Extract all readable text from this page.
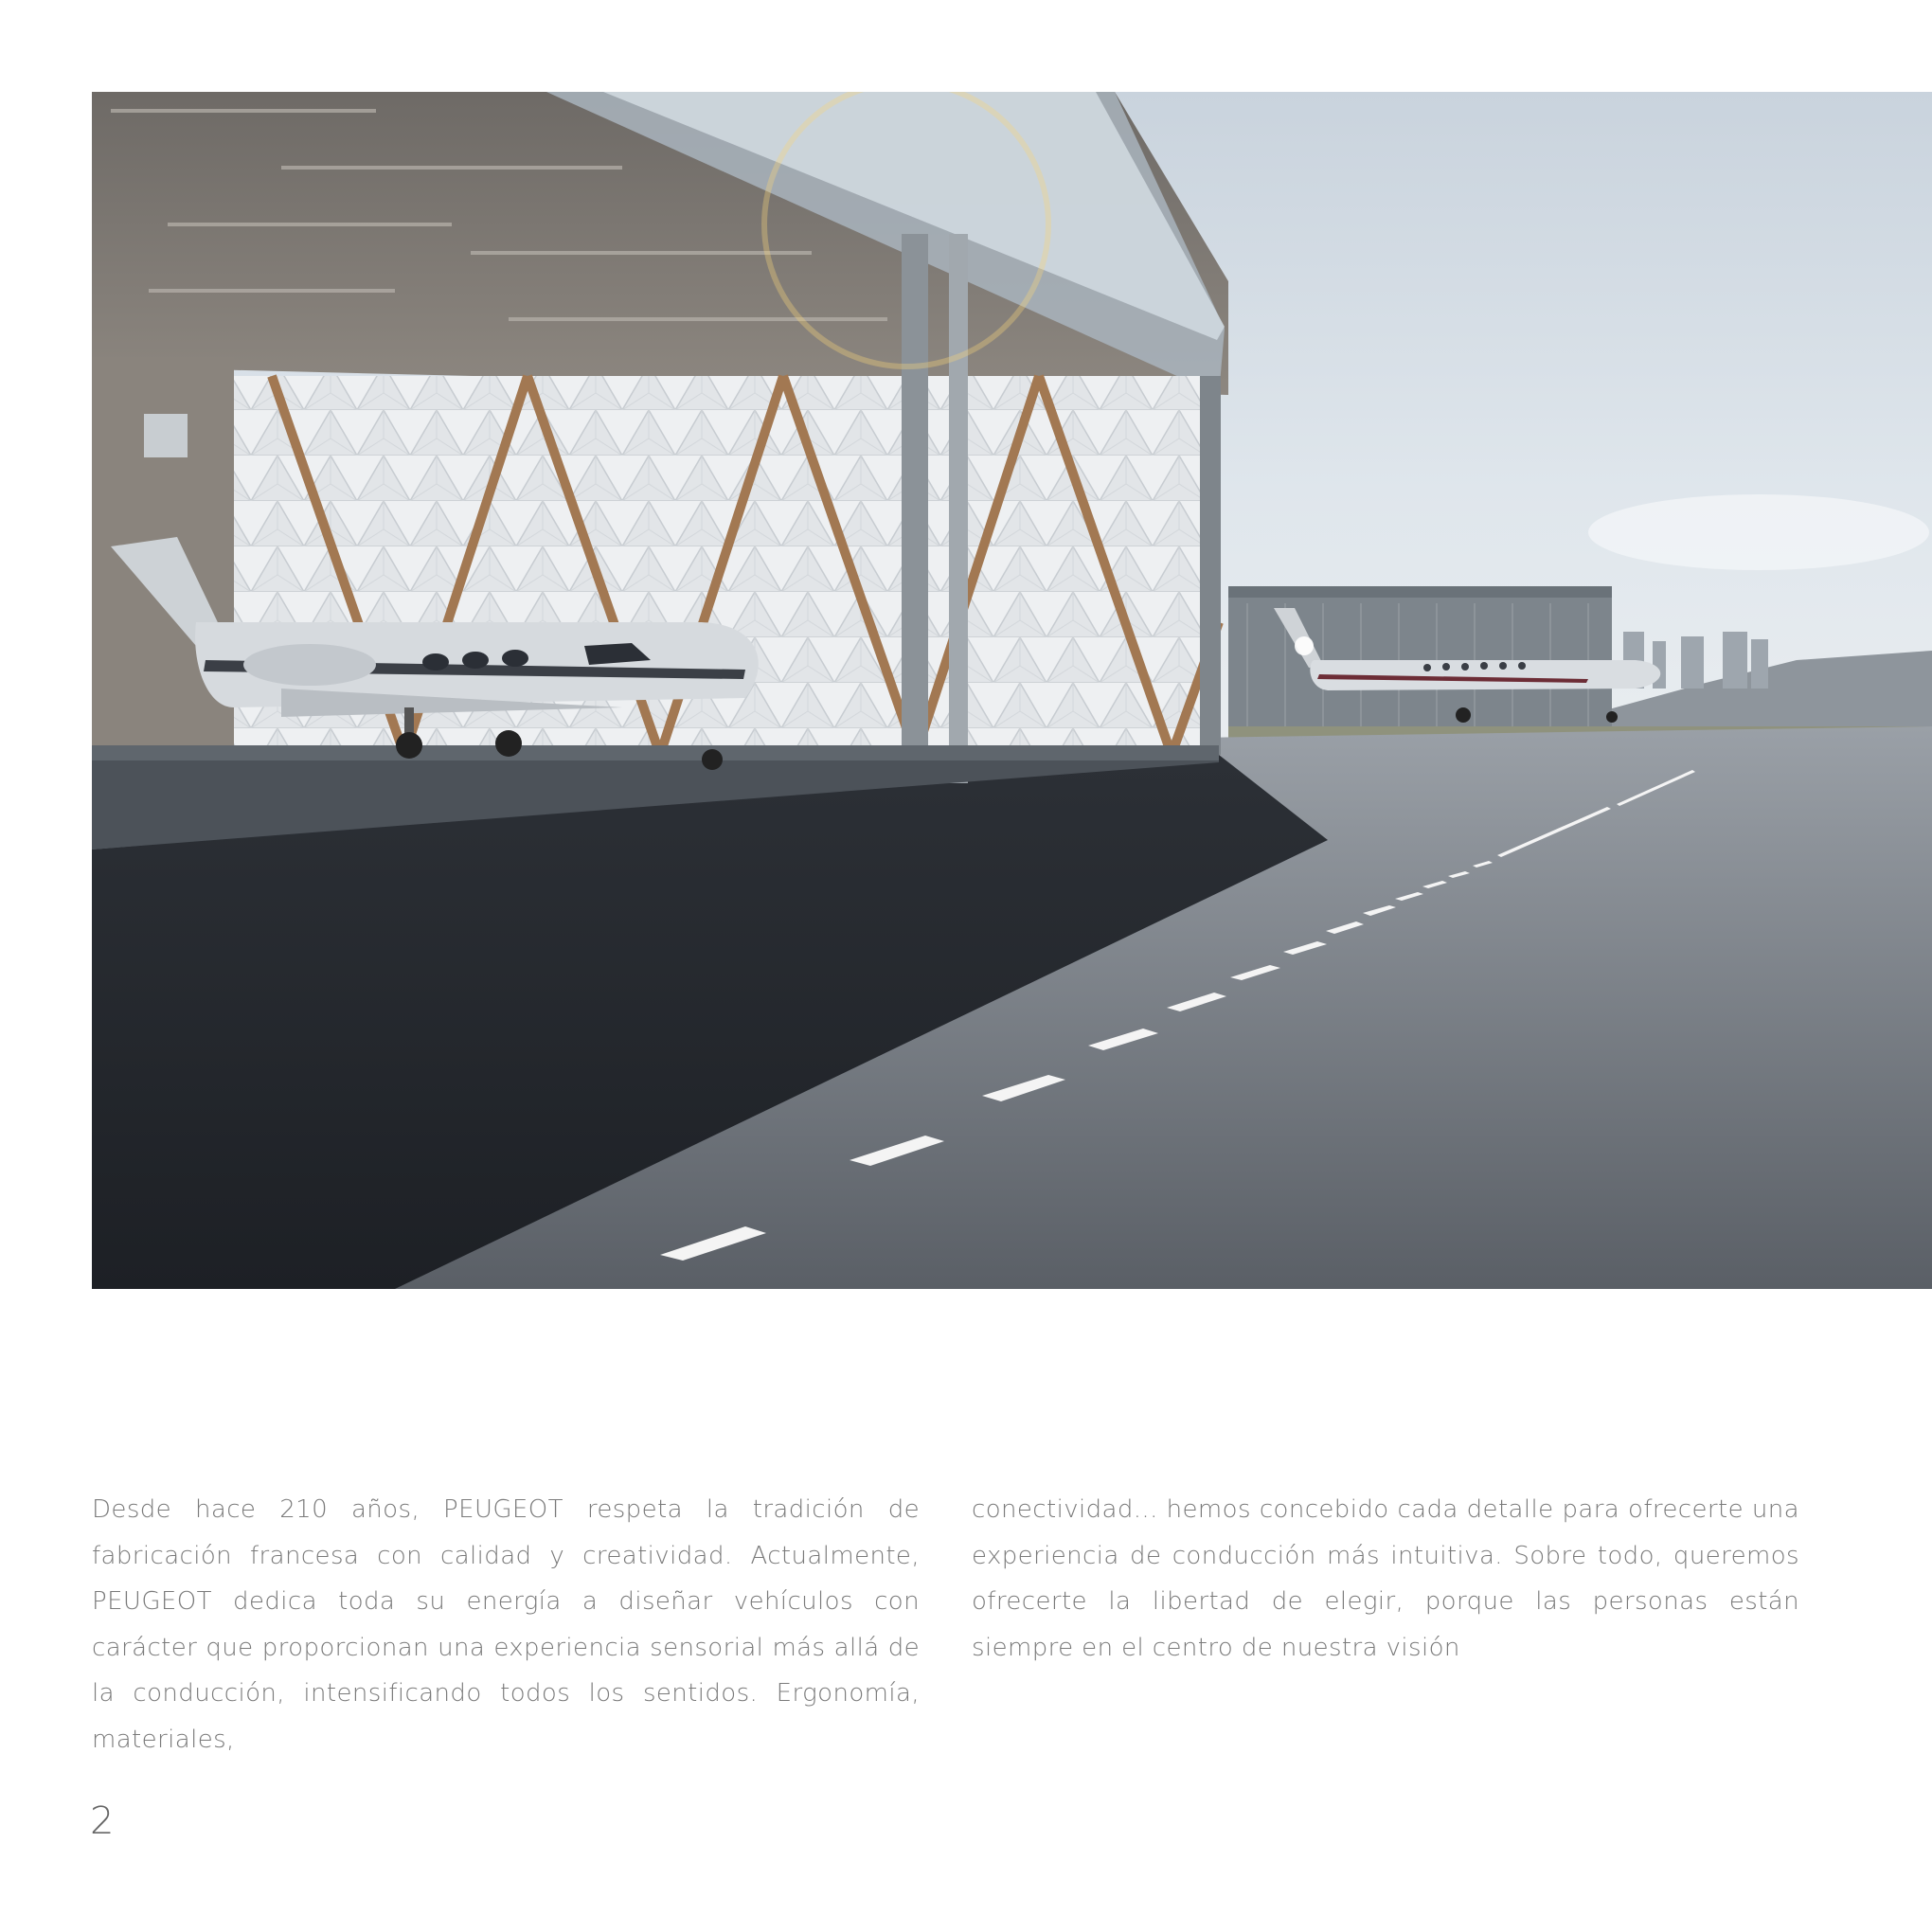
Desde hace 210 años, PEUGEOT respeta la tradición de fabricación francesa con calidad y creatividad. Actualmente, PEUGEOT dedica toda su energía a diseñar vehículos con carácter que proporcionan una experiencia sensorial más allá de la conducción, intensificando todos los sentidos. Ergonomía, materiales,

conectividad... hemos concebido cada detalle para ofrecerte una experiencia de conducción más intuitiva. Sobre todo, queremos ofrecerte la libertad de elegir, porque las personas están siempre en el centro de nuestra visión

2
